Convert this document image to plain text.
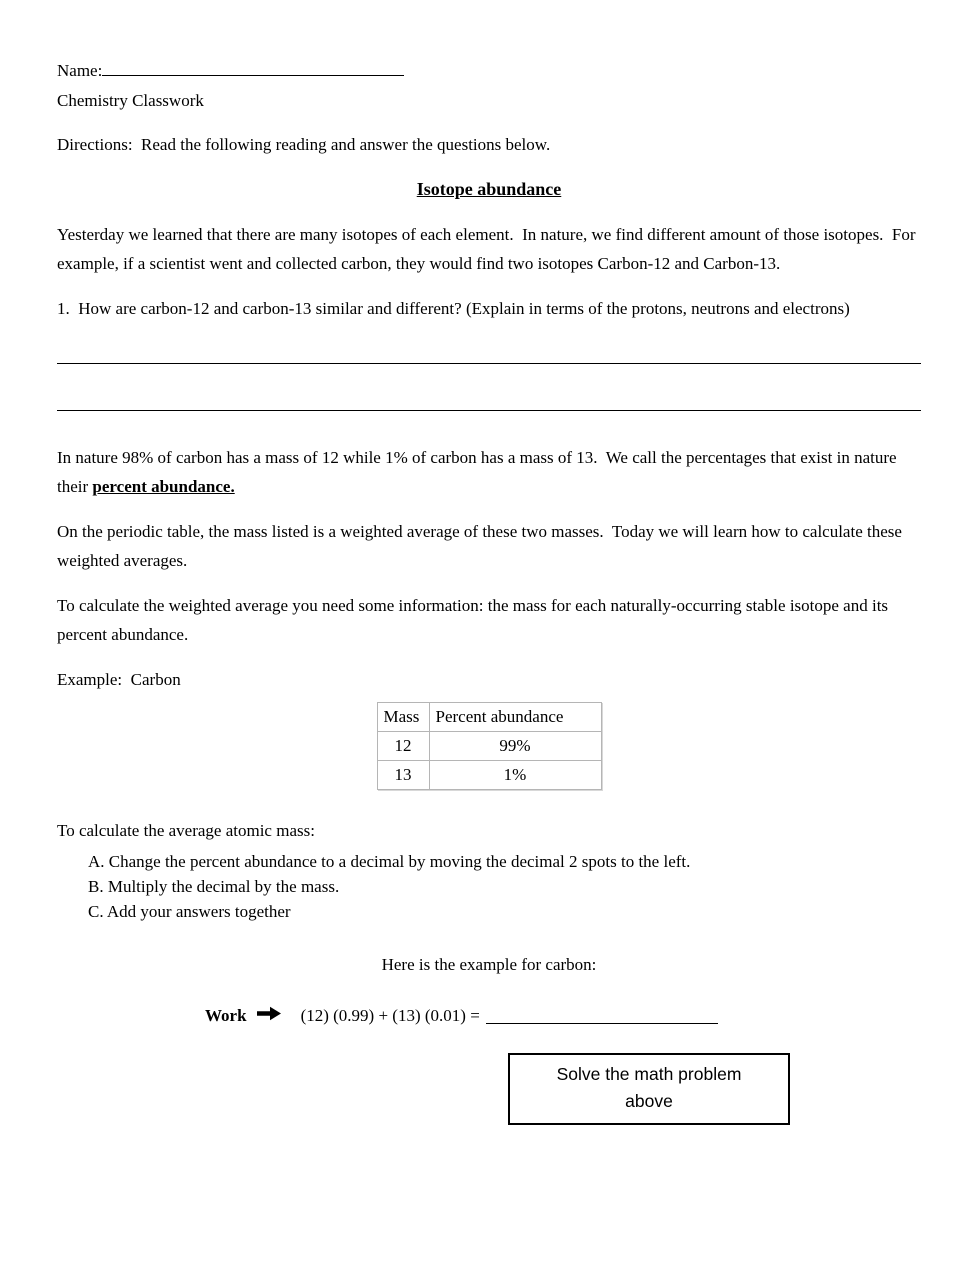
Name:
Chemistry Classwork
Directions:  Read the following reading and answer the questions below.
Isotope abundance

Yesterday we learned that there are many isotopes of each element.  In nature, we find different amount of those isotopes.  For example, if a scientist went and collected carbon, they would find two isotopes Carbon-12 and Carbon-13.

1.  How are carbon-12 and carbon-13 similar and different? (Explain in terms of the protons, neutrons and electrons)

In nature 98% of carbon has a mass of 12 while 1% of carbon has a mass of 13.  We call the percentages that exist in nature their percent abundance.

On the periodic table, the mass listed is a weighted average of these two masses.  Today we will learn how to calculate these weighted averages.

To calculate the weighted average you need some information: the mass for each naturally-occurring stable isotope and its percent abundance.

Example:  Carbon

Mass	Percent abundance
12	99%
13	1%

To calculate the average atomic mass:

A. Change the percent abundance to a decimal by moving the decimal 2 spots to the left.
B. Multiply the decimal by the mass.
C. Add your answers together

Here is the example for carbon:

Work	(12) (0.99) + (13) (0.01) =
Solve the math problem
above
